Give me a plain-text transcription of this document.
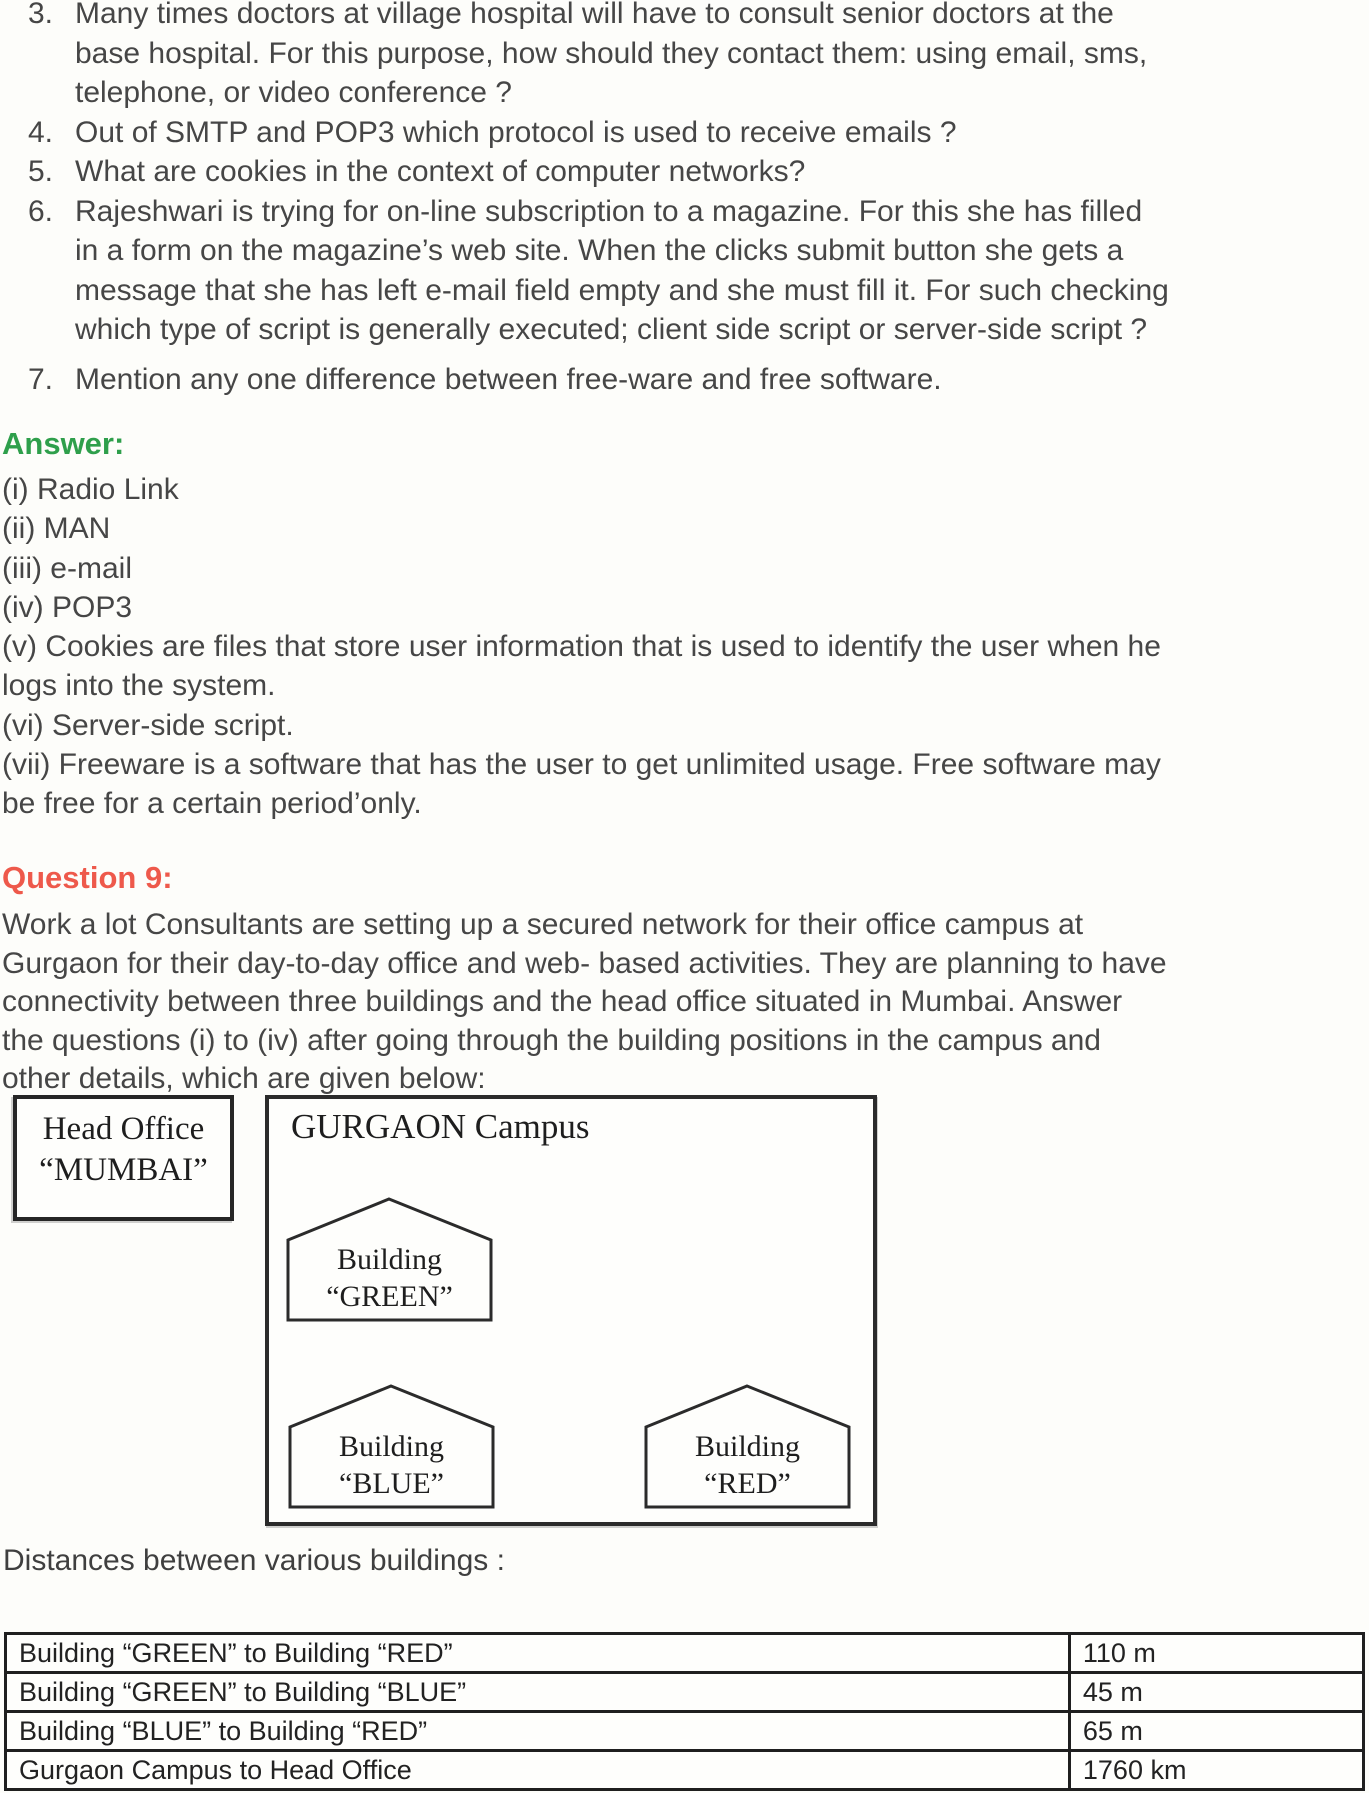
3. Many times doctors at village hospital will have to consult senior doctors at the
base hospital. For this purpose, how should they contact them: using email, sms,
telephone, or video conference ?
4. Out of SMTP and POP3 which protocol is used to receive emails ?
5. What are cookies in the context of computer networks?
6. Rajeshwari is trying for on-line subscription to a magazine. For this she has filled
in a form on the magazine’s web site. When the clicks submit button she gets a
message that she has left e-mail field empty and she must fill it. For such checking
which type of script is generally executed; client side script or server-side script ?
7. Mention any one difference between free-ware and free software.
Answer:
(i) Radio Link
(ii) MAN
(iii) e-mail
(iv) POP3
(v) Cookies are files that store user information that is used to identify the user when he
logs into the system.
(vi) Server-side script.
(vii) Freeware is a software that has the user to get unlimited usage. Free software may
be free for a certain period’only.
Question 9:
Work a lot Consultants are setting up a secured network for their office campus at
Gurgaon for their day-to-day office and web- based activities. They are planning to have
connectivity between three buildings and the head office situated in Mumbai. Answer
the questions (i) to (iv) after going through the building positions in the campus and
other details, which are given below:
Head Office
“MUMBAI”
GURGAON Campus
Building
“GREEN”
Building
“BLUE”
Building
“RED”
Distances between various buildings :
Building “GREEN” to Building “RED”	110 m
Building “GREEN” to Building “BLUE”	45 m
Building “BLUE” to Building “RED”	65 m
Gurgaon Campus to Head Office	1760 km
